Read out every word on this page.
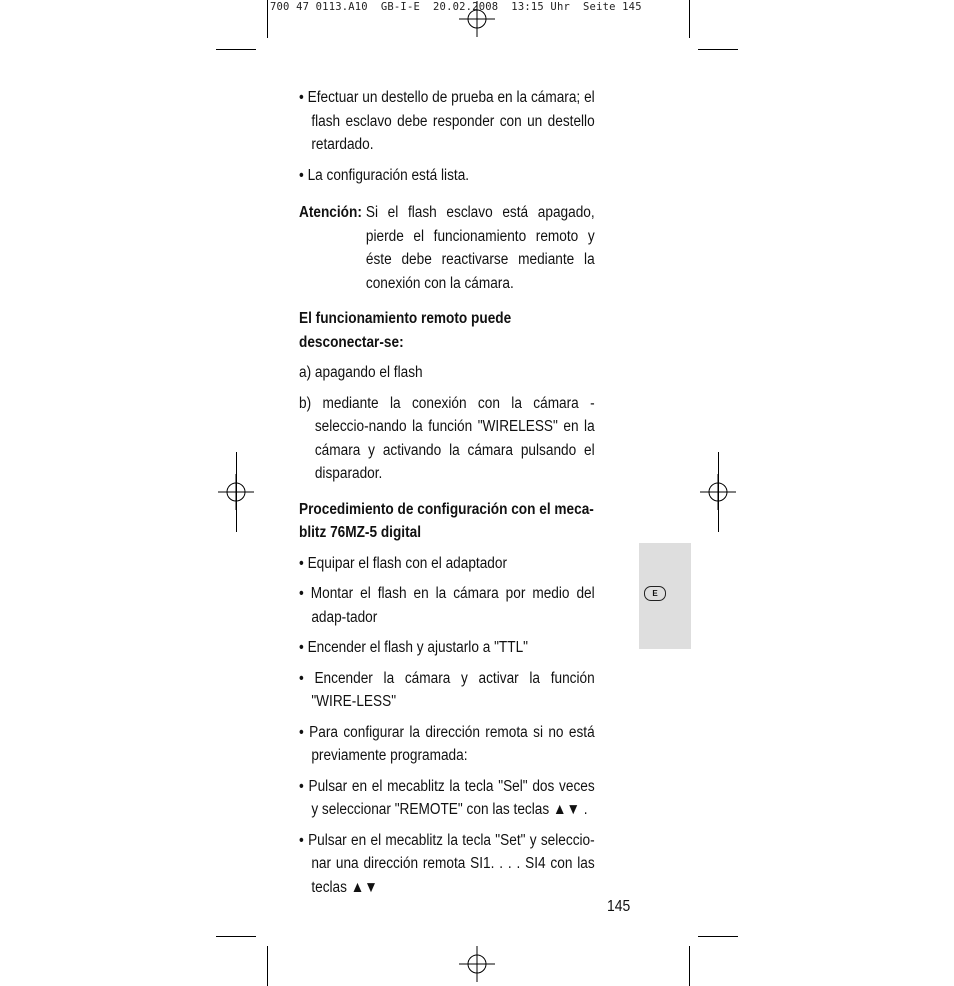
700 47 0113.A10  GB-I-E  20.02.2008  13:15 Uhr  Seite 145

• Efectuar un destello de prueba en la cámara; el flash esclavo debe responder con un destello retardado.

• La configuración está lista.

Atención: Si el flash esclavo está apagado, pierde el funcionamiento remoto y éste debe reactivarse mediante la conexión con la cámara.

El funcionamiento remoto puede desconectar-se:

a) apagando el flash

b) mediante la conexión con la cámara - seleccio-nando la función "WIRELESS" en la cámara y activando la cámara pulsando el disparador.

Procedimiento de configuración con el meca-blitz 76MZ-5 digital

• Equipar el flash con el adaptador

• Montar el flash en la cámara por medio del adap-tador

• Encender el flash y ajustarlo a "TTL"

• Encender la cámara y activar la función "WIRE-LESS"

• Para configurar la dirección remota si no está previamente programada:

• Pulsar en el mecablitz la tecla "Sel" dos veces y seleccionar "REMOTE" con las teclas ▲▼ .

• Pulsar en el mecablitz la tecla "Set" y seleccio-nar una dirección remota SI1. . . . SI4 con las teclas ▲▼

E
145
